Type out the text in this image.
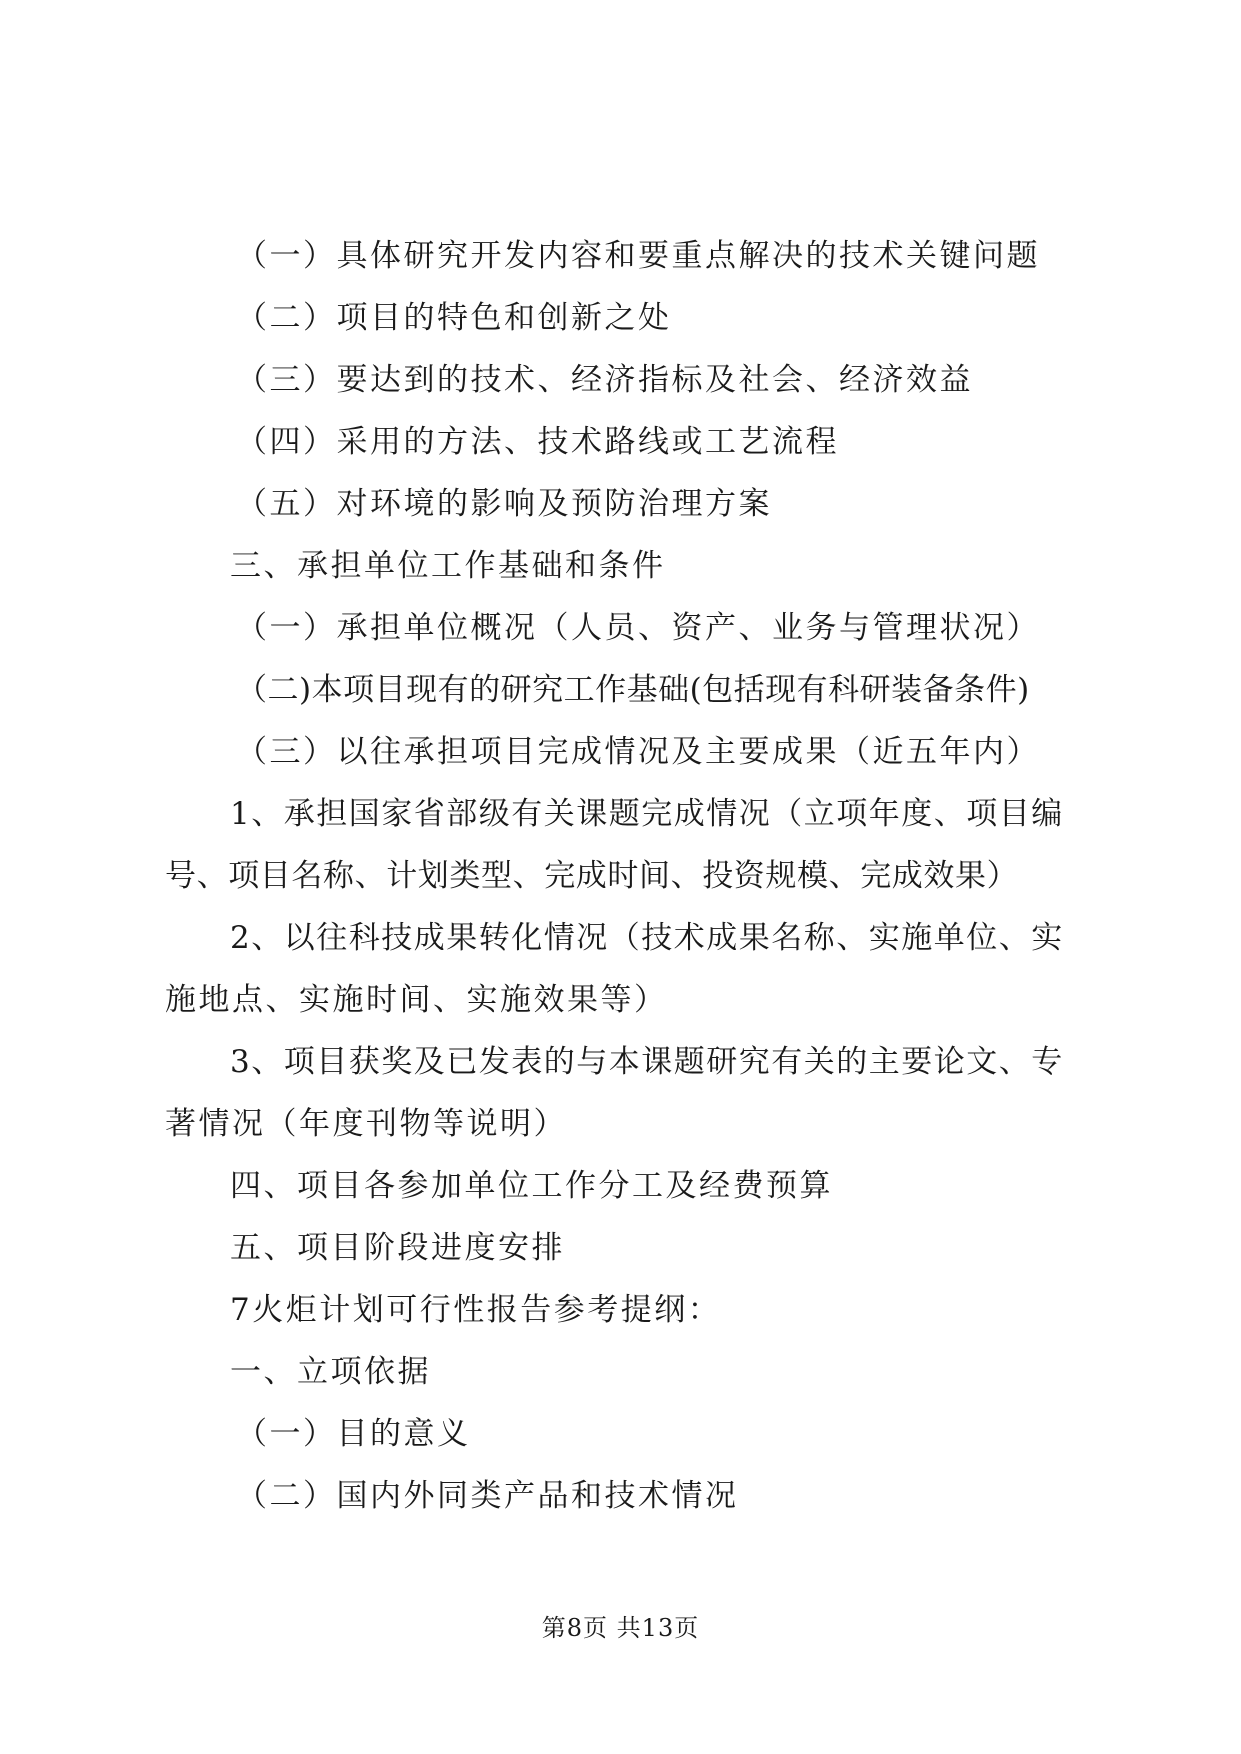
（一）具体研究开发内容和要重点解决的技术关键问题
（二）项目的特色和创新之处
（三）要达到的技术、经济指标及社会、经济效益
（四）采用的方法、技术路线或工艺流程
（五）对环境的影响及预防治理方案
三、承担单位工作基础和条件
（一）承担单位概况（人员、资产、业务与管理状况）
（二)本项目现有的研究工作基础(包括现有科研装备条件)
（三）以往承担项目完成情况及主要成果（近五年内）
1、承担国家省部级有关课题完成情况（立项年度、项目编
号、项目名称、计划类型、完成时间、投资规模、完成效果）
2、以往科技成果转化情况（技术成果名称、实施单位、实
施地点、实施时间、实施效果等）
3、项目获奖及已发表的与本课题研究有关的主要论文、专
著情况（年度刊物等说明）
四、项目各参加单位工作分工及经费预算
五、项目阶段进度安排
7火炬计划可行性报告参考提纲：
一、立项依据
（一）目的意义
（二）国内外同类产品和技术情况
第8页 共13页
